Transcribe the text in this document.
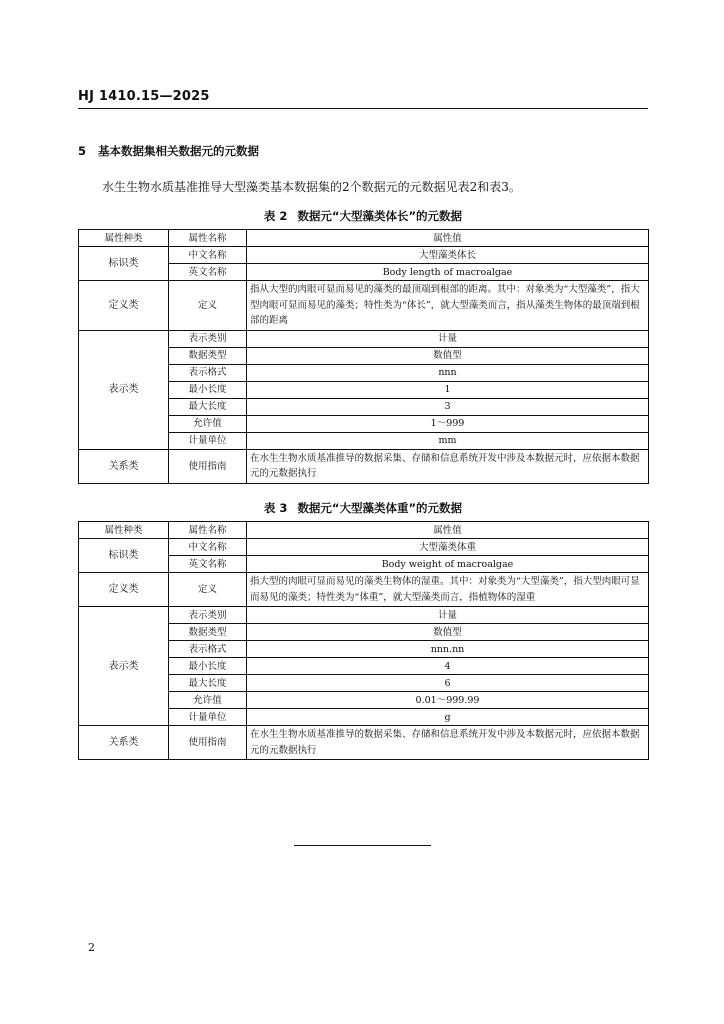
HJ 1410.15—2025
5 基本数据集相关数据元的元数据
水生生物水质基准推导大型藻类基本数据集的2个数据元的元数据见表2和表3。
表 2 数据元“大型藻类体长”的元数据
属性种类	属性名称	属性值
标识类	中文名称	大型藻类体长
	英文名称	Body length of macroalgae
定义类	定义	指从大型的肉眼可显而易见的藻类的最顶端到根部的距离。其中：对象类为“大型藻类”，指大型肉眼可显而易见的藻类；特性类为“体长”，就大型藻类而言，指从藻类生物体的最顶端到根部的距离
表示类	表示类别	计量
	数据类型	数值型
	表示格式	nnn
	最小长度	1
	最大长度	3
	允许值	1～999
	计量单位	mm
关系类	使用指南	在水生生物水质基准推导的数据采集、存储和信息系统开发中涉及本数据元时，应依据本数据元的元数据执行
表 3 数据元“大型藻类体重”的元数据
属性种类	属性名称	属性值
标识类	中文名称	大型藻类体重
	英文名称	Body weight of macroalgae
定义类	定义	指大型的肉眼可显而易见的藻类生物体的湿重。其中：对象类为“大型藻类”，指大型肉眼可显而易见的藻类；特性类为“体重”，就大型藻类而言，指植物体的湿重
表示类	表示类别	计量
	数据类型	数值型
	表示格式	nnn.nn
	最小长度	4
	最大长度	6
	允许值	0.01～999.99
	计量单位	g
关系类	使用指南	在水生生物水质基准推导的数据采集、存储和信息系统开发中涉及本数据元时，应依据本数据元的元数据执行
2
